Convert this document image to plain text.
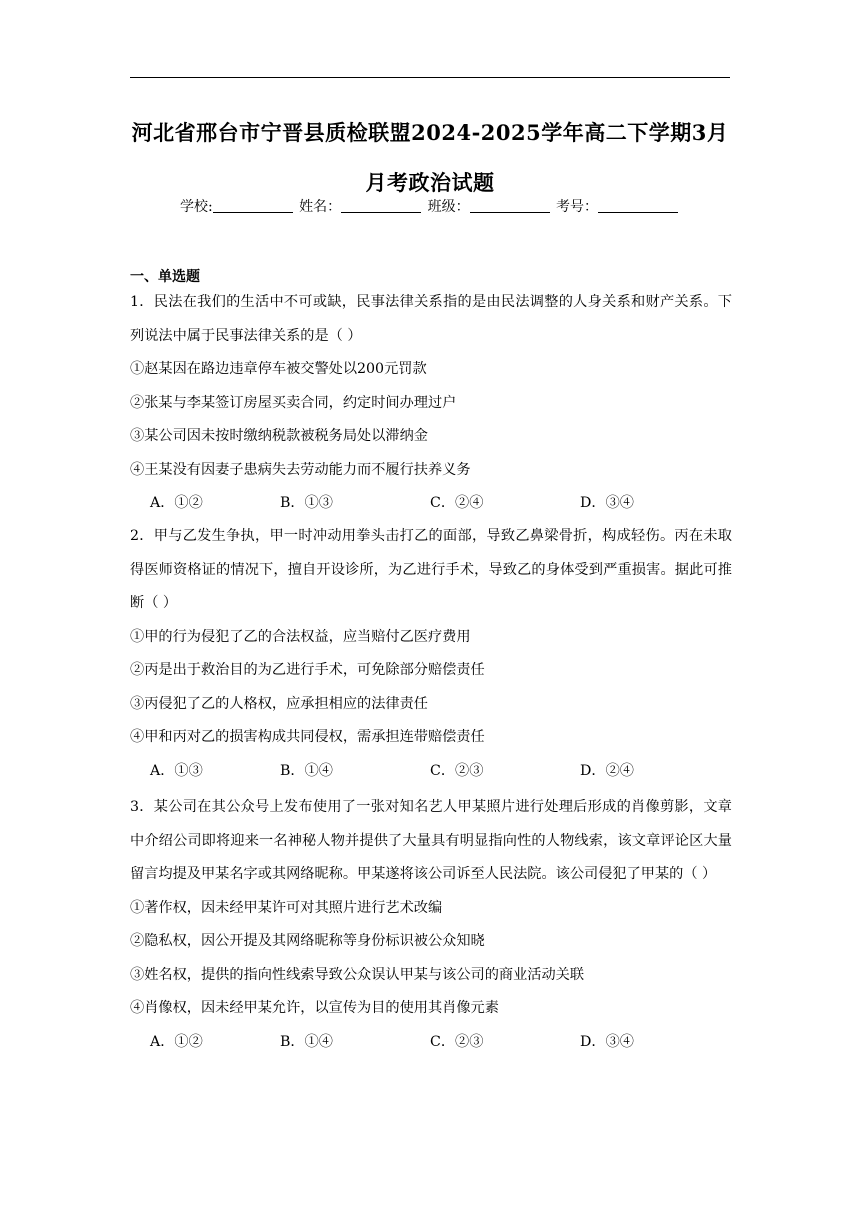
河北省邢台市宁晋县质检联盟2024-2025学年高二下学期3月
月考政治试题
学校:	姓名：	班级：	考号：
一、单选题
1．民法在我们的生活中不可或缺，民事法律关系指的是由民法调整的人身关系和财产关系。下列说法中属于民事法律关系的是（ ）
①赵某因在路边违章停车被交警处以200元罚款
②张某与李某签订房屋买卖合同，约定时间办理过户
③某公司因未按时缴纳税款被税务局处以滞纳金
④王某没有因妻子患病失去劳动能力而不履行扶养义务
A．①②	B．①③	C．②④	D．③④
2．甲与乙发生争执，甲一时冲动用拳头击打乙的面部，导致乙鼻梁骨折，构成轻伤。丙在未取得医师资格证的情况下，擅自开设诊所，为乙进行手术，导致乙的身体受到严重损害。据此可推断（ ）
①甲的行为侵犯了乙的合法权益，应当赔付乙医疗费用
②丙是出于救治目的为乙进行手术，可免除部分赔偿责任
③丙侵犯了乙的人格权，应承担相应的法律责任
④甲和丙对乙的损害构成共同侵权，需承担连带赔偿责任
A．①③	B．①④	C．②③	D．②④
3．某公司在其公众号上发布使用了一张对知名艺人甲某照片进行处理后形成的肖像剪影，文章中介绍公司即将迎来一名神秘人物并提供了大量具有明显指向性的人物线索，该文章评论区大量留言均提及甲某名字或其网络昵称。甲某遂将该公司诉至人民法院。该公司侵犯了甲某的（ ）
①著作权，因未经甲某许可对其照片进行艺术改编
②隐私权，因公开提及其网络昵称等身份标识被公众知晓
③姓名权，提供的指向性线索导致公众误认甲某与该公司的商业活动关联
④肖像权，因未经甲某允许，以宣传为目的使用其肖像元素
A．①②	B．①④	C．②③	D．③④
